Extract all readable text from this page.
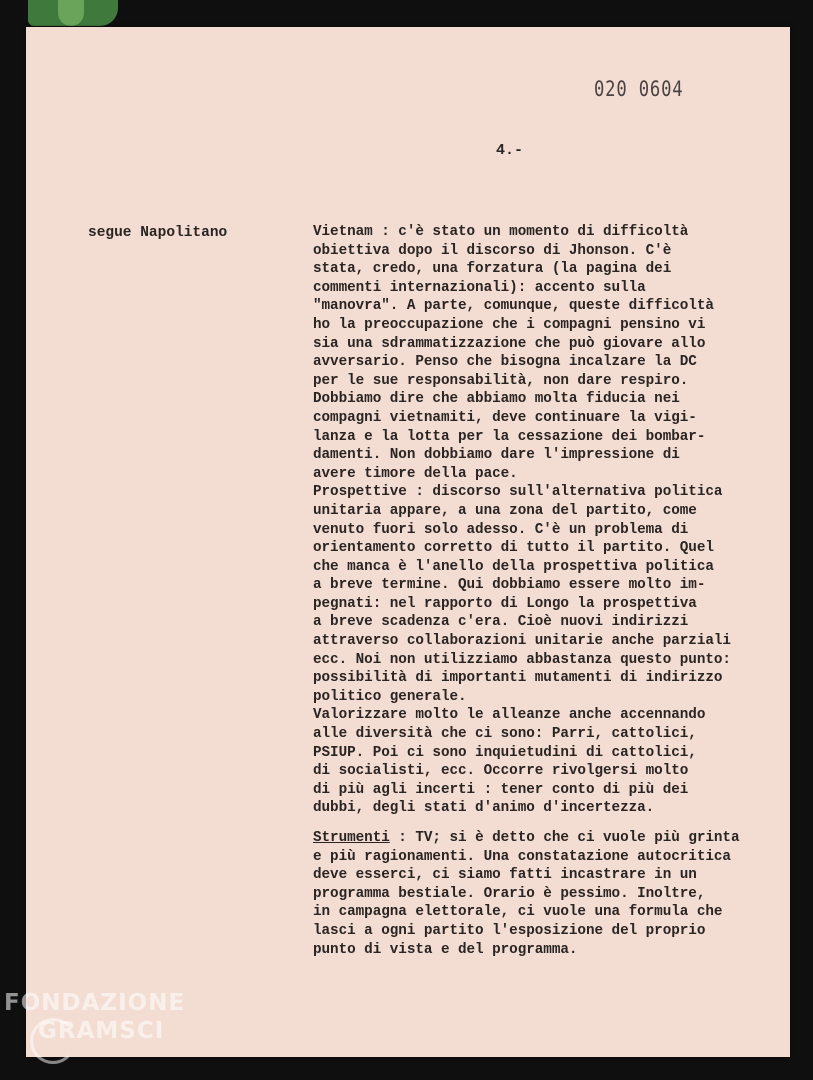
020 0604
4.-
segue Napolitano	Vietnam : c'è stato un momento di difficoltà
obiettiva dopo il discorso di Jhonson. C'è
stata, credo, una forzatura (la pagina dei
commenti internazionali): accento sulla
"manovra". A parte, comunque, queste difficoltà
ho la preoccupazione che i compagni pensino vi
sia una sdrammatizzazione che può giovare allo
avversario. Penso che bisogna incalzare la DC
per le sue responsabilità, non dare respiro.
Dobbiamo dire che abbiamo molta fiducia nei
compagni vietnamiti, deve continuare la vigi-
lanza e la lotta per la cessazione dei bombar-
damenti. Non dobbiamo dare l'impressione di
avere timore della pace.
Prospettive : discorso sull'alternativa politica
unitaria appare, a una zona del partito, come
venuto fuori solo adesso. C'è un problema di
orientamento corretto di tutto il partito. Quel
che manca è l'anello della prospettiva politica
a breve termine. Qui dobbiamo essere molto im-
pegnati: nel rapporto di Longo la prospettiva
a breve scadenza c'era. Cioè nuovi indirizzi
attraverso collaborazioni unitarie anche parziali
ecc. Noi non utilizziamo abbastanza questo punto:
possibilità di importanti mutamenti di indirizzo
politico generale.
Valorizzare molto le alleanze anche accennando
alle diversità che ci sono: Parri, cattolici,
PSIUP. Poi ci sono inquietudini di cattolici,
di socialisti, ecc. Occorre rivolgersi molto
di più agli incerti : tener conto di più dei
dubbi, degli stati d'animo d'incertezza.
Strumenti : TV; si è detto che ci vuole più grinta
e più ragionamenti. Una constatazione autocritica
deve esserci, ci siamo fatti incastrare in un
programma bestiale. Orario è pessimo. Inoltre,
in campagna elettorale, ci vuole una formula che
lasci a ogni partito l'esposizione del proprio
punto di vista e del programma.
FONDAZIONE
GRAMSCI
